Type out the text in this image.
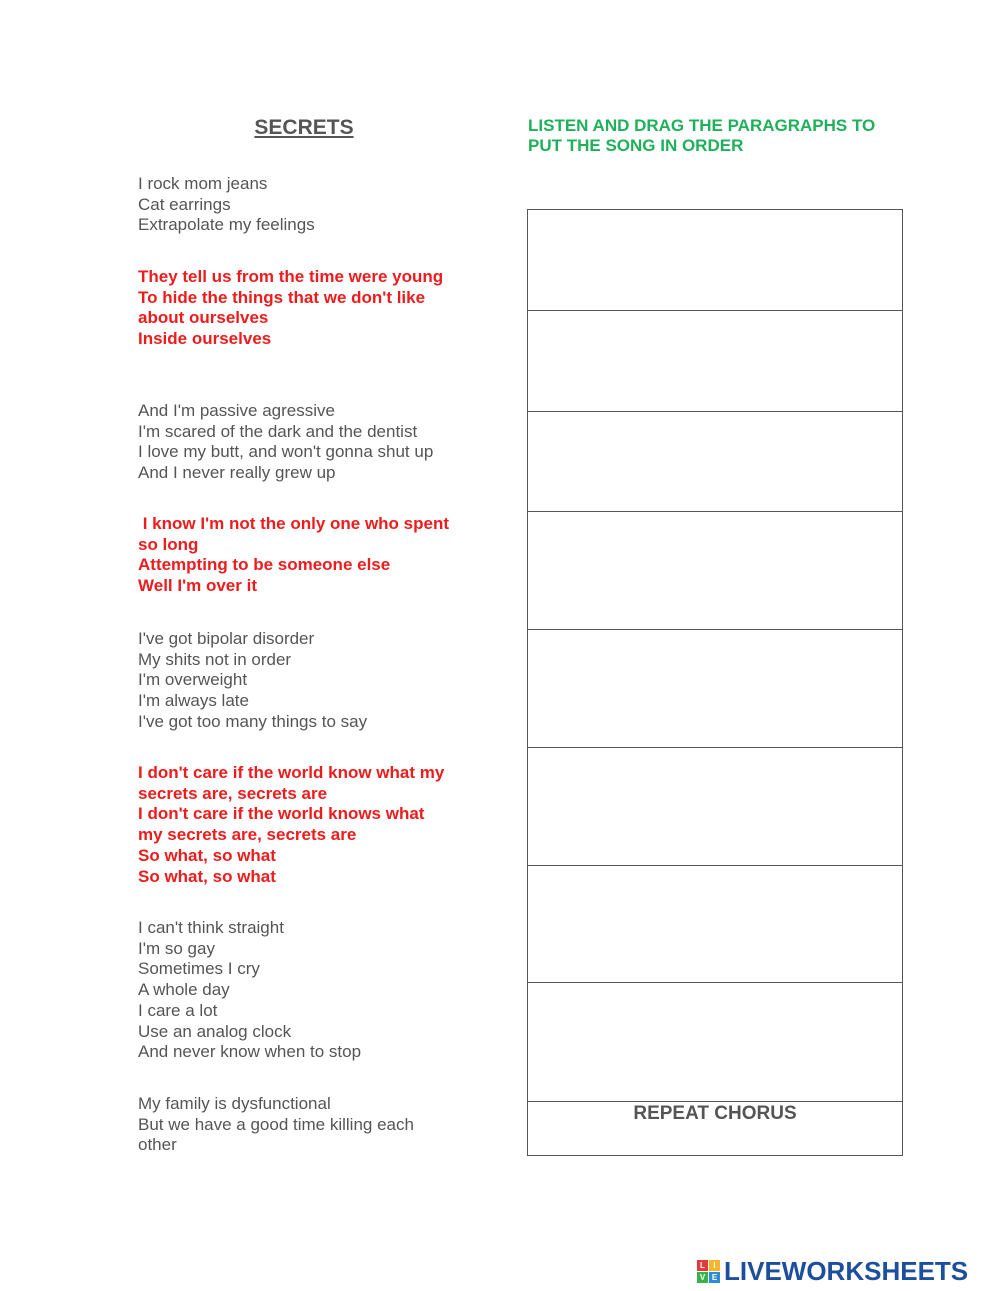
SECRETS	LISTEN AND DRAG THE PARAGRAPHS TO PUT THE SONG IN ORDER
I rock mom jeans
Cat earrings
Extrapolate my feelings
They tell us from the time were young
To hide the things that we don't like
about ourselves
Inside ourselves
And I'm passive agressive
I'm scared of the dark and the dentist
I love my butt, and won't gonna shut up
And I never really grew up
I know I'm not the only one who spent so long
Attempting to be someone else
Well I'm over it
I've got bipolar disorder
My shits not in order
I'm overweight
I'm always late
I've got too many things to say
I don't care if the world know what my
secrets are, secrets are
I don't care if the world knows what
my secrets are, secrets are
So what, so what
So what, so what
I can't think straight
I'm so gay
Sometimes I cry
A whole day
I care a lot
Use an analog clock
And never know when to stop
My family is dysfunctional
But we have a good time killing each
other
REPEAT CHORUS
L	I
V E LIVEWORKSHEETS
